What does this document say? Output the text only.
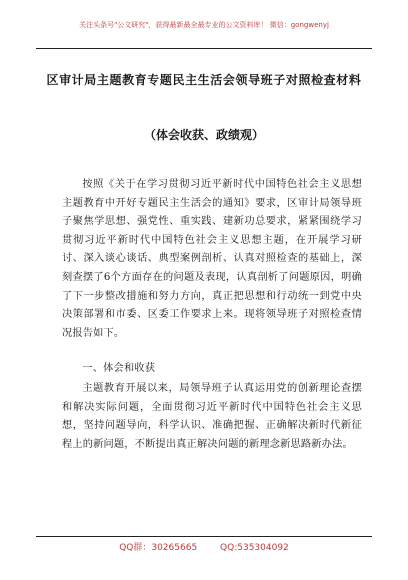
关注头条号"公文研究"，获得最新最全最专业的公文资料库！ 微信：gongwenyj
区审计局主题教育专题民主生活会领导班子对照检查材料
（体会收获、政绩观）
按照《关于在学习贯彻习近平新时代中国特色社会主义思想主题教育中开好专题民主生活会的通知》要求，区审计局领导班子聚焦学思想、强党性、重实践、建新功总要求，紧紧围绕学习贯彻习近平新时代中国特色社会主义思想主题，在开展学习研讨、深入谈心谈话、典型案例剖析、认真对照检查的基础上，深刻查摆了6个方面存在的问题及表现，认真剖析了问题原因，明确了下一步整改措施和努力方向，真正把思想和行动统一到党中央决策部署和市委、区委工作要求上来。现将领导班子对照检查情况报告如下。
一、体会和收获
主题教育开展以来，局领导班子认真运用党的创新理论查摆和解决实际问题，全面贯彻习近平新时代中国特色社会主义思想，坚持问题导向，科学认识、准确把握、正确解决新时代新征程上的新问题，不断提出真正解决问题的新理念新思路新办法。
QQ群：30265665	QQ:535304092
